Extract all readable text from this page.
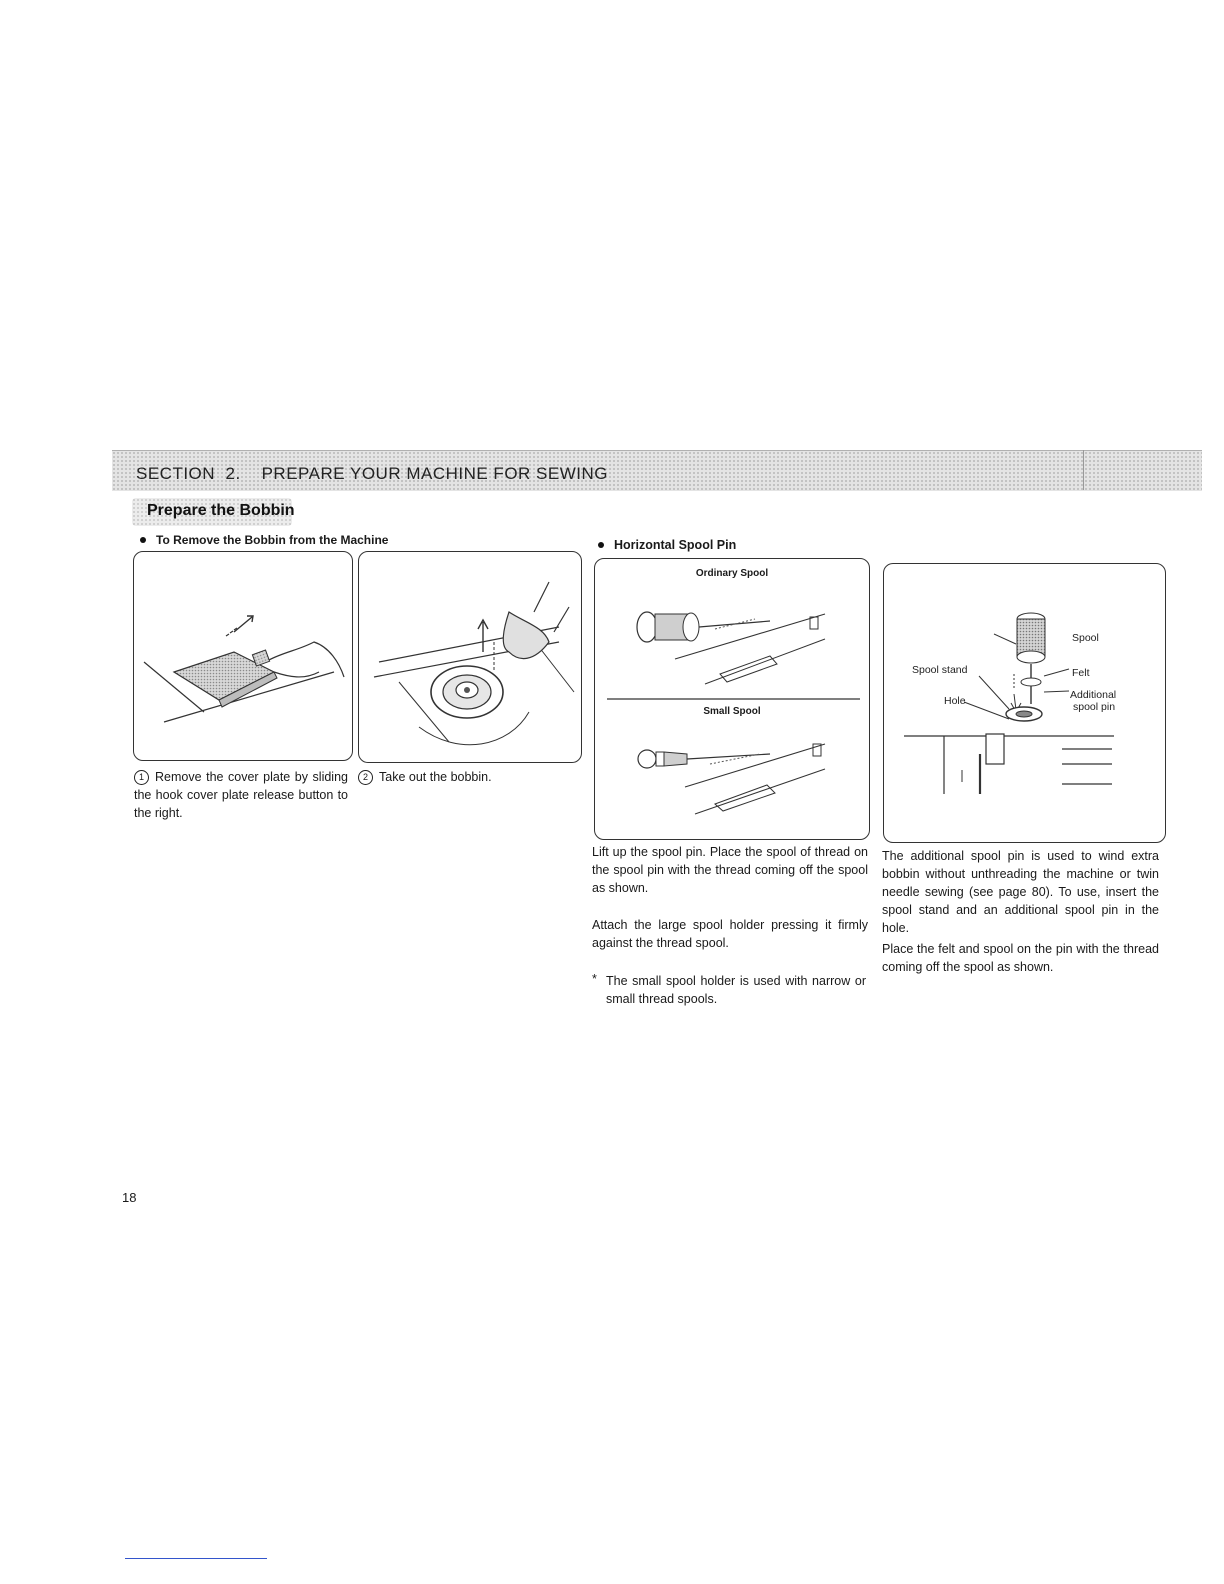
SECTION  2.    PREPARE YOUR MACHINE FOR SEWING
Prepare the Bobbin
To Remove the Bobbin from the Machine
1 Remove the cover plate by sliding the hook cover plate release button to the right.
2 Take out the bobbin.
Horizontal Spool Pin
Ordinary Spool
Small Spool
Lift up the spool pin. Place the spool of thread on the spool pin with the thread coming off the spool as shown.
Attach the large spool holder pressing it firmly against the thread spool.
* The small spool holder is used with narrow or small thread spools.
Spool
Spool stand	Felt
Hole	Additional
spool pin
The additional spool pin is used to wind extra bobbin without unthreading the machine or twin needle sewing (see page 80). To use, insert the spool stand and an additional spool pin in the hole.
Place the felt and spool on the pin with the thread coming off the spool as shown.
18
